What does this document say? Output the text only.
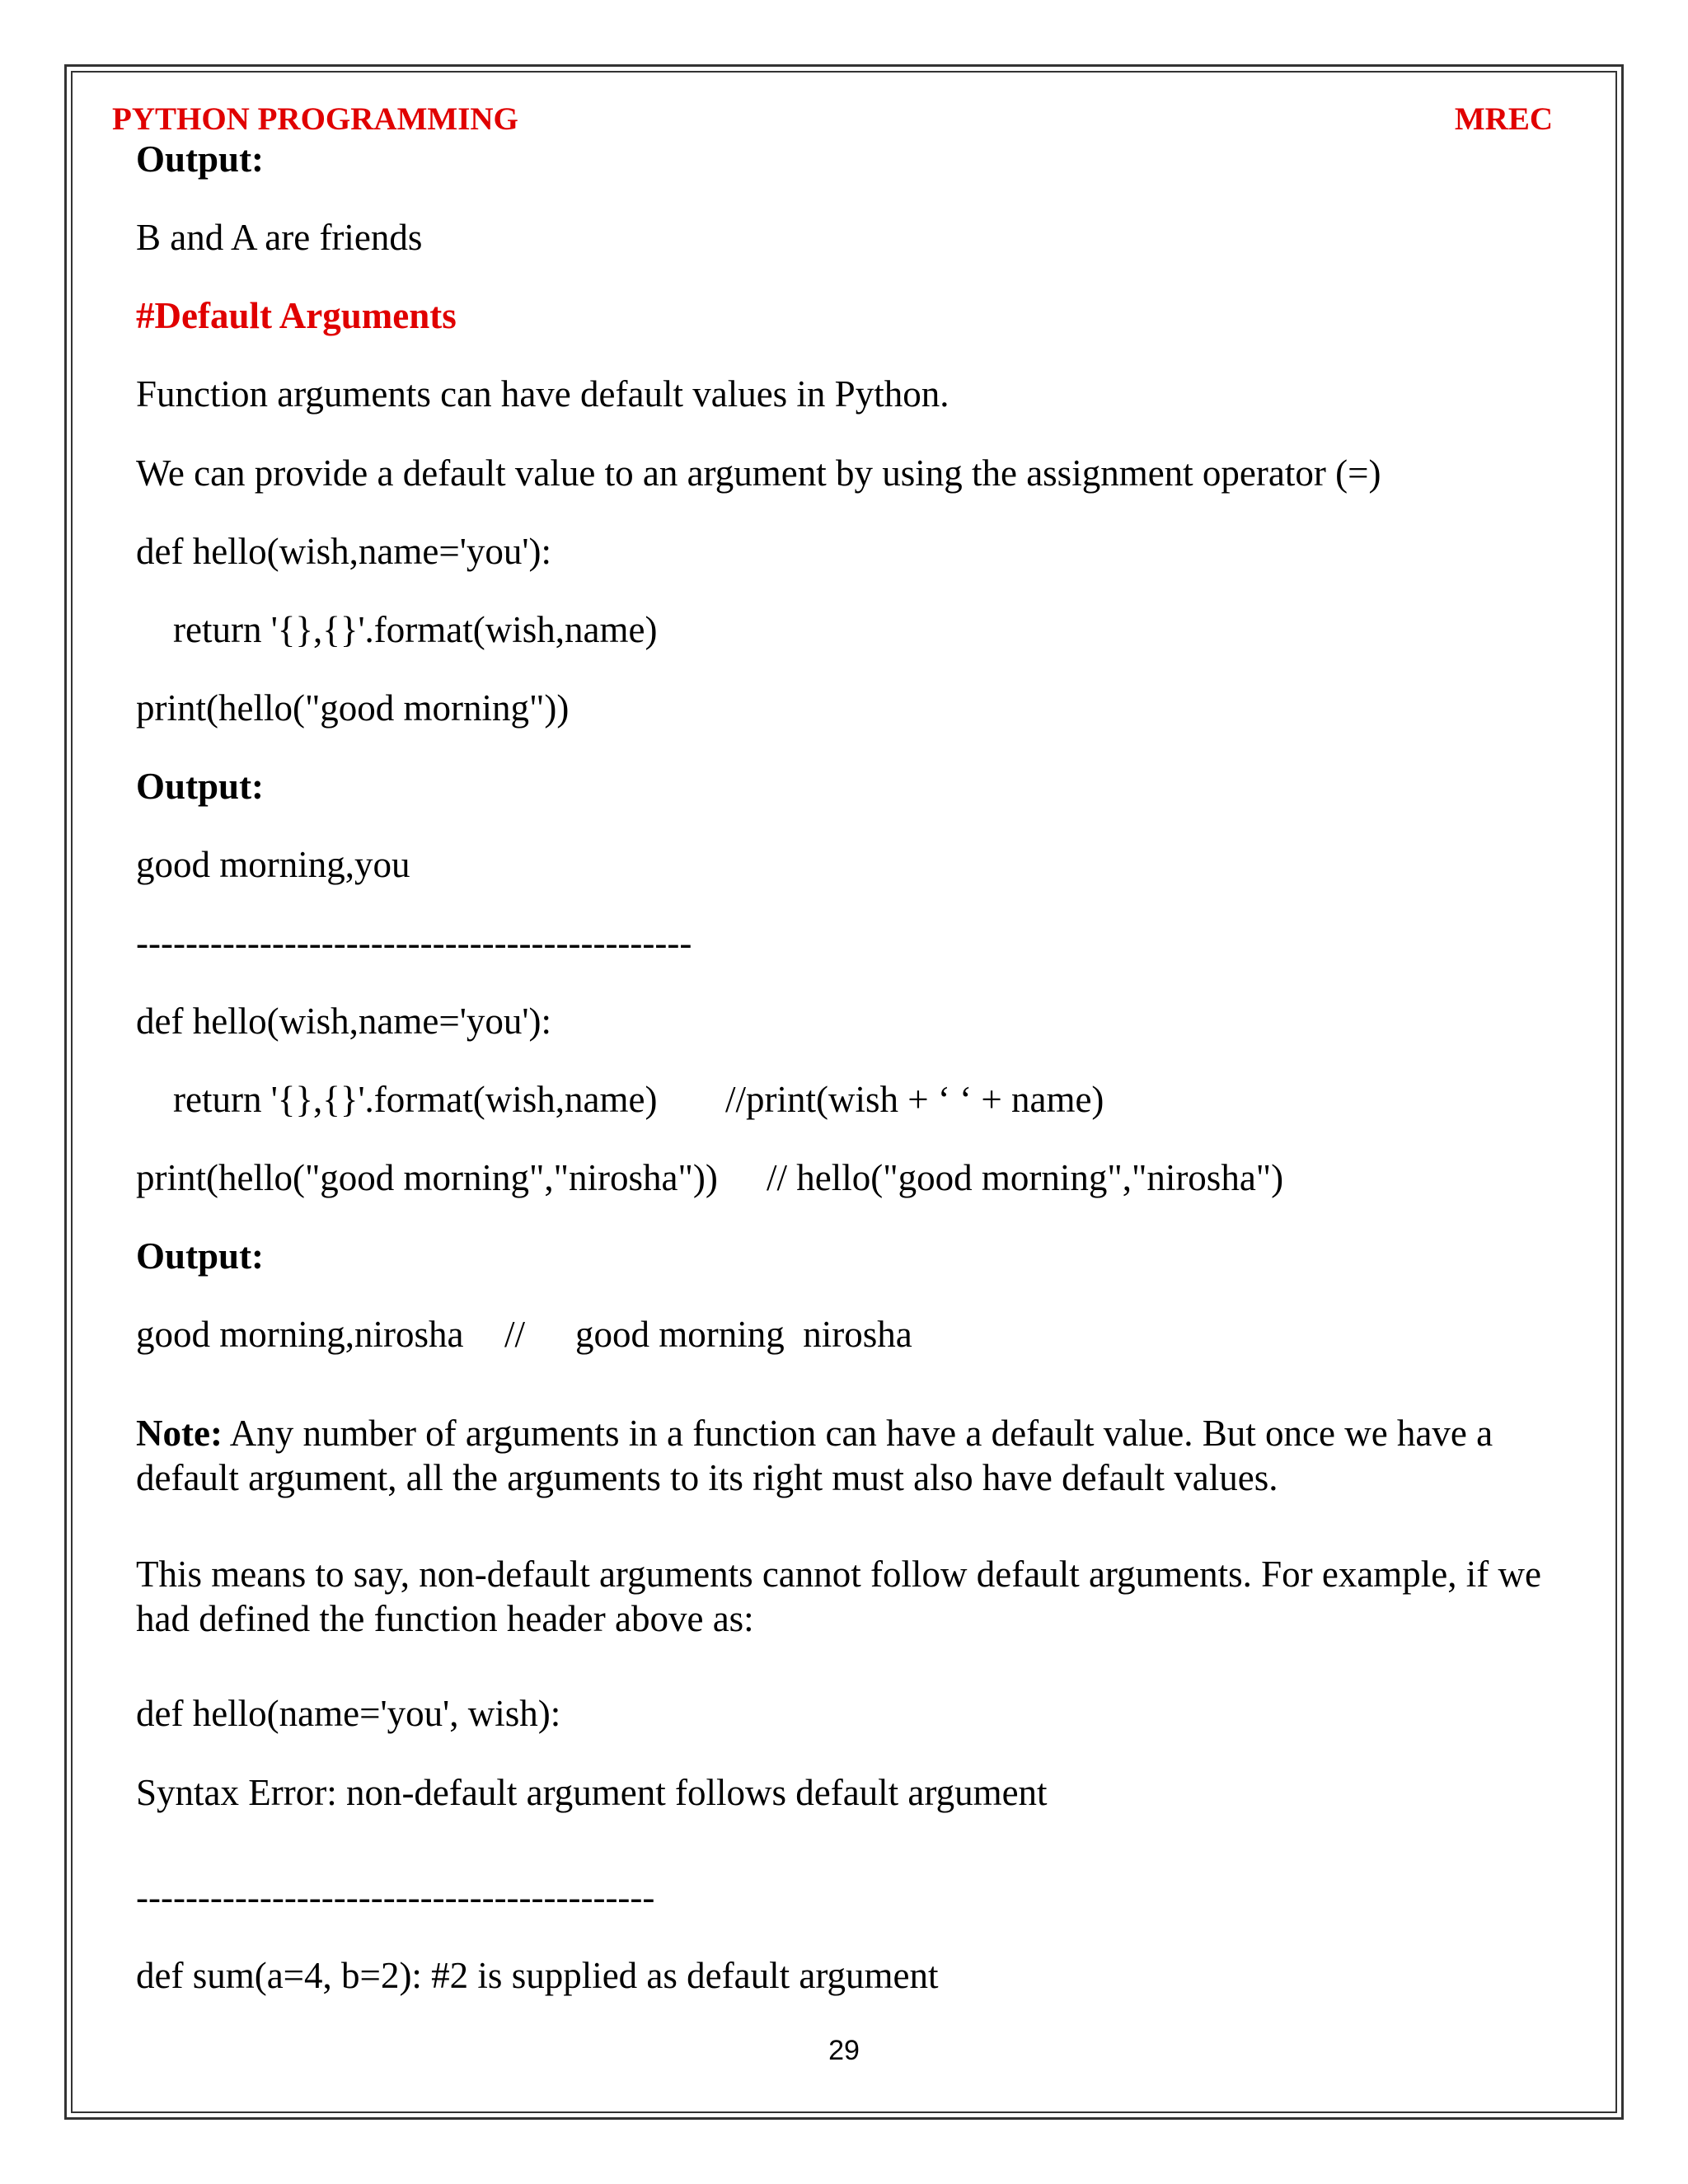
PYTHON PROGRAMMING	MREC
Output:
B and A are friends
#Default Arguments
Function arguments can have default values in Python.
We can provide a default value to an argument by using the assignment operator (=)
def hello(wish,name='you'):
return '{},{}'.format(wish,name)
print(hello("good morning"))
Output:
good morning,you
---------------------------------------------
def hello(wish,name='you'):
return '{},{}'.format(wish,name) //print(wish + ‘ ‘ + name)
print(hello("good morning","nirosha")) // hello("good morning","nirosha")
Output:
good morning,nirosha // good morning  nirosha
Note: Any number of arguments in a function can have a default value. But once we have a default argument, all the arguments to its right must also have default values.
This means to say, non-default arguments cannot follow default arguments. For example, if we had defined the function header above as:
def hello(name='you', wish):
Syntax Error: non-default argument follows default argument
------------------------------------------
def sum(a=4, b=2): #2 is supplied as default argument
29
